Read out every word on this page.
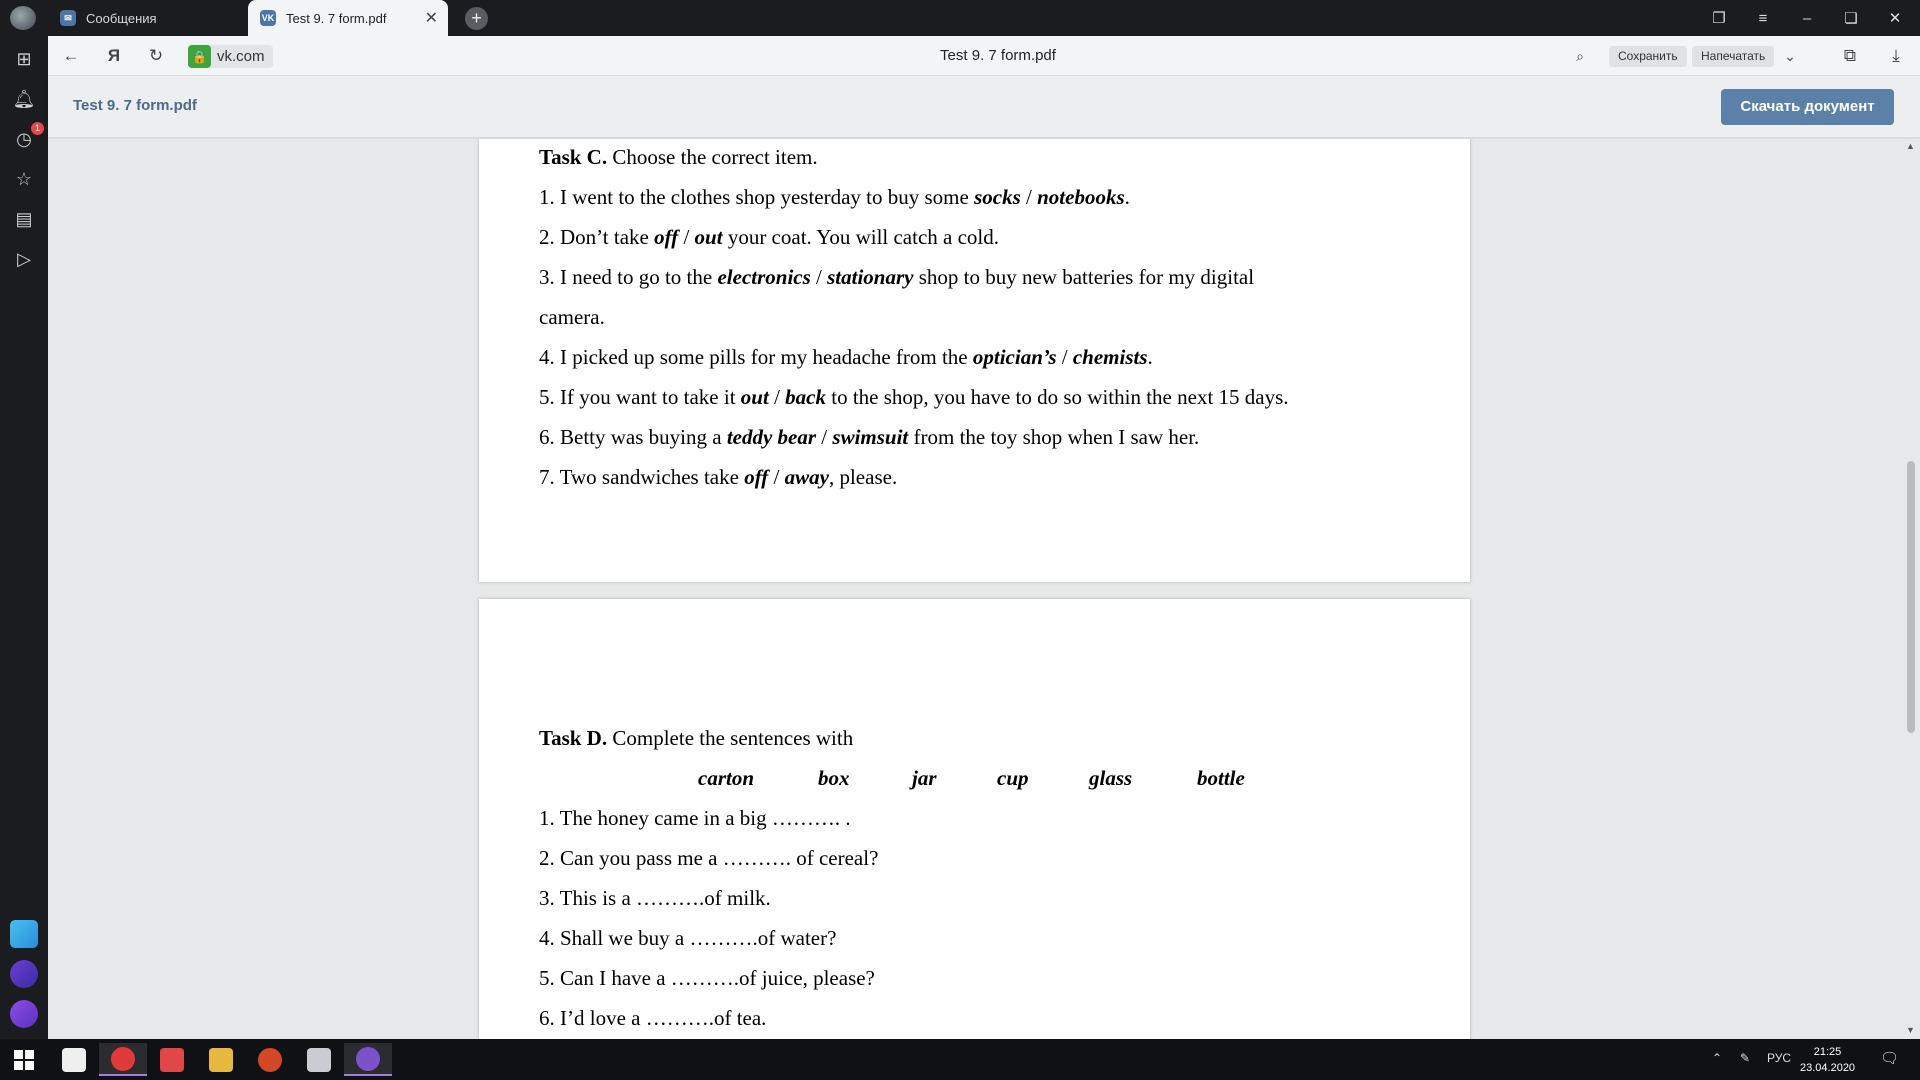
✉	Сообщения	VK Test 9. 7 form.pdf ✕	+	❐	≡	–	❏	✕
←	Я	↻	🔒 vk.com	Test 9. 7 form.pdf	⌕	Сохранить	Напечатать	⌄	⧉	⤓
⊞
🔔︎
1
◷
☆
▤
▷
Test 9. 7 form.pdf	Скачать документ
Task C. Choose the correct item.
1. I went to the clothes shop yesterday to buy some socks / notebooks.
2. Don’t take off / out your coat. You will catch a cold.
3. I need to go to the electronics / stationary shop to buy new batteries for my digital
camera.
4. I picked up some pills for my headache from the optician’s / chemists.
5. If you want to take it out / back to the shop, you have to do so within the next 15 days.
6. Betty was buying a teddy bear / swimsuit from the toy shop when I saw her.
7. Two sandwiches take off / away, please.
Task D. Complete the sentences with
carton	box	jar	cup	glass	bottle
1. The honey came in a big ………. .
2. Can you pass me a ………. of cereal?
3. This is a ……….of milk.
4. Shall we buy a ……….of water?
5. Can I have a ……….of juice, please?
6. I’d love a ……….of tea.
▲
▼
⌃ ✎ РУС	21:25
23.04.2020
🗨︎
